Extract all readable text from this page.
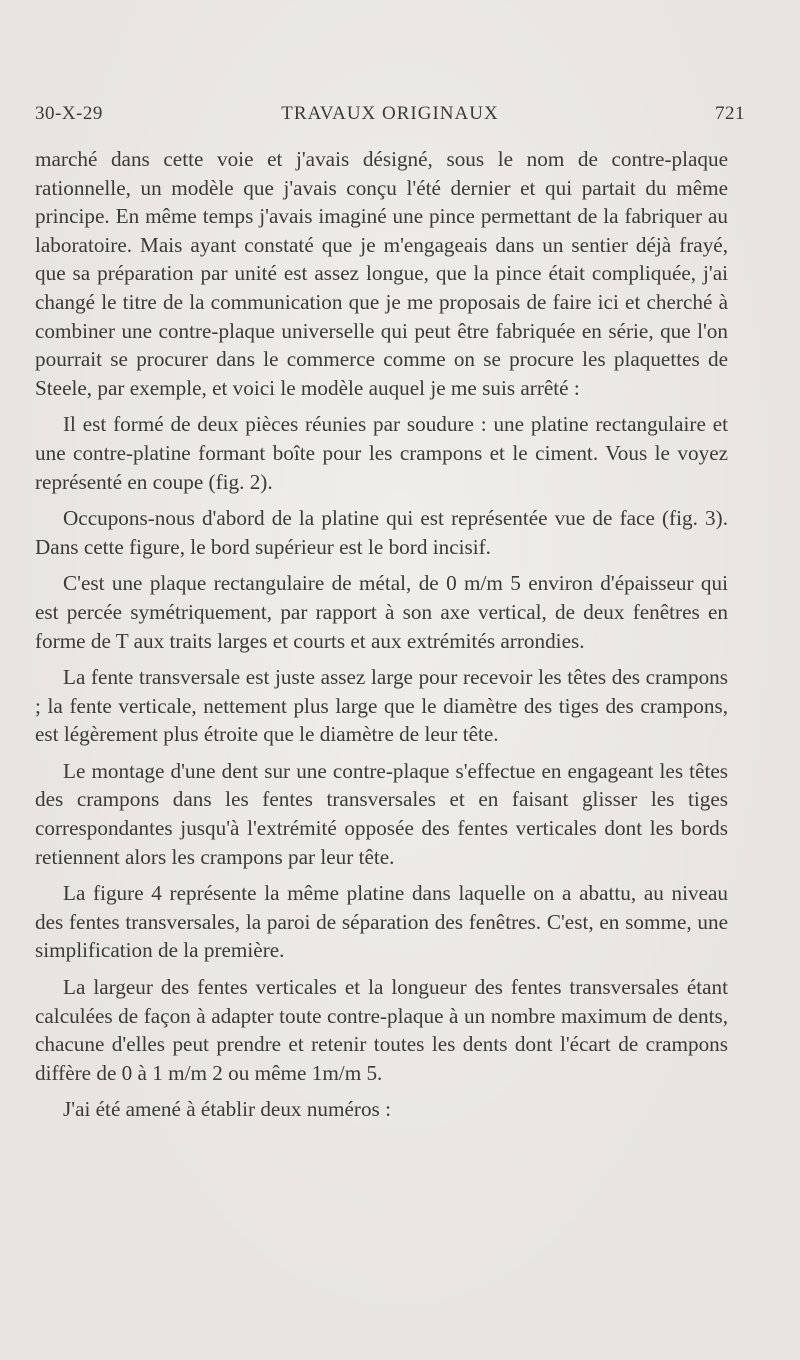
30-X-29	TRAVAUX ORIGINAUX	721

marché dans cette voie et j'avais désigné, sous le nom de contre-plaque rationnelle, un modèle que j'avais conçu l'été dernier et qui partait du même principe. En même temps j'avais imaginé une pince permettant de la fabriquer au laboratoire. Mais ayant constaté que je m'engageais dans un sentier déjà frayé, que sa préparation par unité est assez longue, que la pince était compliquée, j'ai changé le titre de la communication que je me proposais de faire ici et cherché à combiner une contre-plaque universelle qui peut être fabriquée en série, que l'on pourrait se procurer dans le commerce comme on se procure les plaquettes de Steele, par exemple, et voici le modèle auquel je me suis arrêté :

Il est formé de deux pièces réunies par soudure : une platine rectangulaire et une contre-platine formant boîte pour les crampons et le ciment. Vous le voyez représenté en coupe (fig. 2).

Occupons-nous d'abord de la platine qui est représentée vue de face (fig. 3). Dans cette figure, le bord supérieur est le bord incisif.

C'est une plaque rectangulaire de métal, de 0 m/m 5 environ d'épaisseur qui est percée symétriquement, par rapport à son axe vertical, de deux fenêtres en forme de T aux traits larges et courts et aux extrémités arrondies.

La fente transversale est juste assez large pour recevoir les têtes des crampons ; la fente verticale, nettement plus large que le diamètre des tiges des crampons, est légèrement plus étroite que le diamètre de leur tête.

Le montage d'une dent sur une contre-plaque s'effectue en engageant les têtes des crampons dans les fentes transversales et en faisant glisser les tiges correspondantes jusqu'à l'extrémité opposée des fentes verticales dont les bords retiennent alors les crampons par leur tête.

La figure 4 représente la même platine dans laquelle on a abattu, au niveau des fentes transversales, la paroi de séparation des fenêtres. C'est, en somme, une simplification de la première.

La largeur des fentes verticales et la longueur des fentes transversales étant calculées de façon à adapter toute contre-plaque à un nombre maximum de dents, chacune d'elles peut prendre et retenir toutes les dents dont l'écart de crampons diffère de 0 à 1 m/m 2 ou même 1m/m 5.

J'ai été amené à établir deux numéros :
